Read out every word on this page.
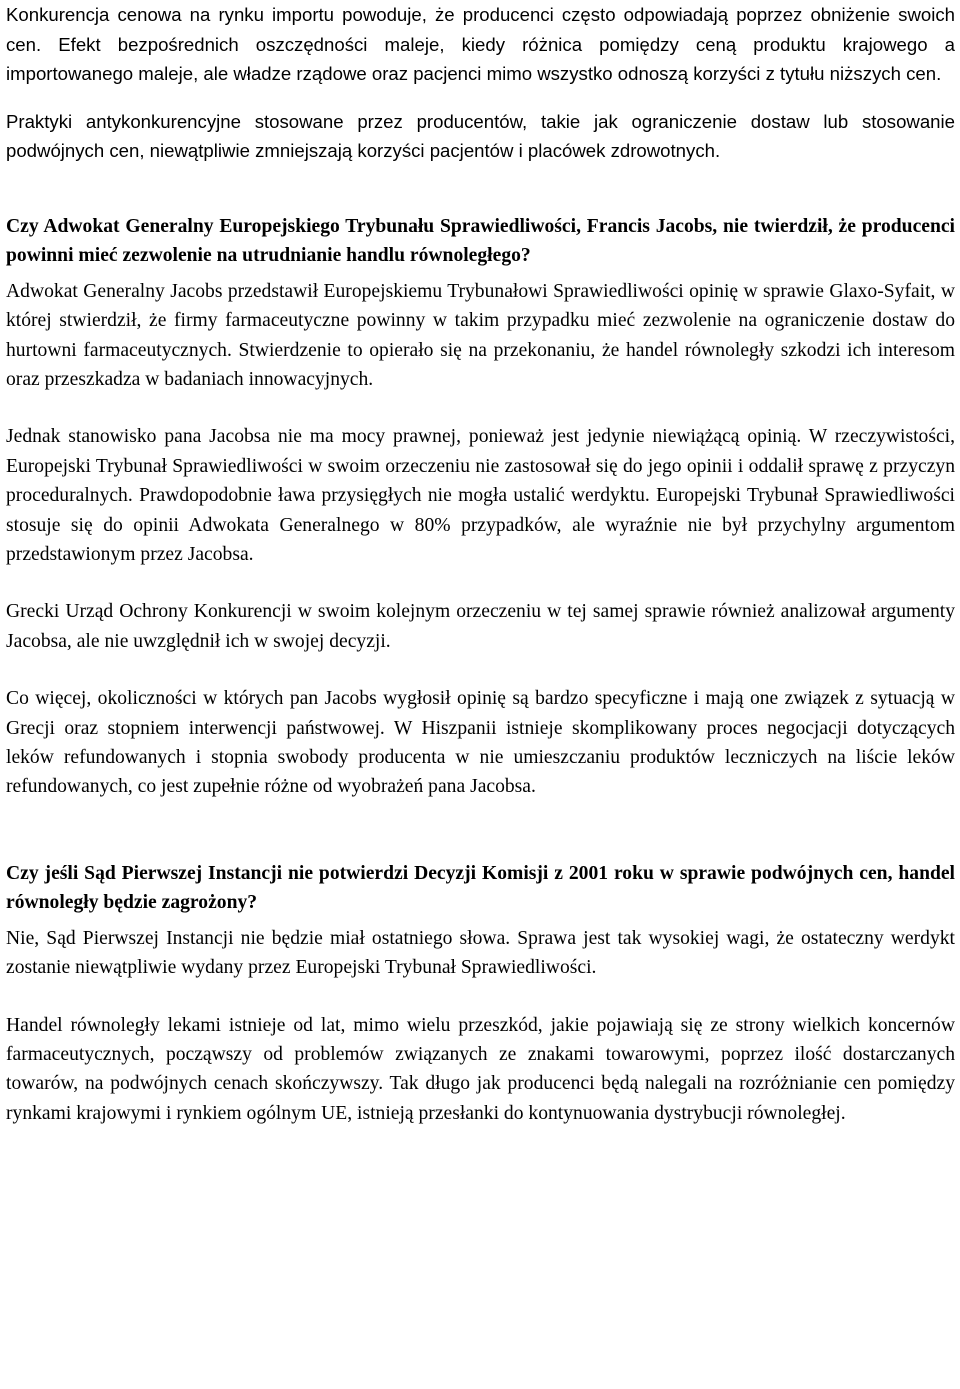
Konkurencja cenowa na rynku importu powoduje, że producenci często odpowiadają poprzez obniżenie swoich cen. Efekt bezpośrednich oszczędności maleje, kiedy różnica pomiędzy ceną produktu krajowego a importowanego maleje, ale władze rządowe oraz pacjenci mimo wszystko odnoszą korzyści z tytułu niższych cen.

Praktyki antykonkurencyjne stosowane przez producentów, takie jak ograniczenie dostaw lub stosowanie podwójnych cen, niewątpliwie zmniejszają korzyści pacjentów i placówek zdrowotnych.

Czy Adwokat Generalny Europejskiego Trybunału Sprawiedliwości, Francis Jacobs, nie twierdził, że producenci powinni mieć zezwolenie na utrudnianie handlu równoległego?

Adwokat Generalny Jacobs przedstawił Europejskiemu Trybunałowi Sprawiedliwości opinię w sprawie Glaxo-Syfait, w której stwierdził, że firmy farmaceutyczne powinny w takim przypadku mieć zezwolenie na ograniczenie dostaw do hurtowni farmaceutycznych. Stwierdzenie to opierało się na przekonaniu, że handel równoległy szkodzi ich interesom oraz przeszkadza w badaniach innowacyjnych.

Jednak stanowisko pana Jacobsa nie ma mocy prawnej, ponieważ jest jedynie niewiążącą opinią. W rzeczywistości, Europejski Trybunał Sprawiedliwości w swoim orzeczeniu nie zastosował się do jego opinii i oddalił sprawę z przyczyn proceduralnych. Prawdopodobnie ława przysięgłych nie mogła ustalić werdyktu. Europejski Trybunał Sprawiedliwości stosuje się do opinii Adwokata Generalnego w 80% przypadków, ale wyraźnie nie był przychylny argumentom przedstawionym przez Jacobsa.

Grecki Urząd Ochrony Konkurencji w swoim kolejnym orzeczeniu w tej samej sprawie również analizował argumenty Jacobsa, ale nie uwzględnił ich w swojej decyzji.

Co więcej, okoliczności w których pan Jacobs wygłosił opinię są bardzo specyficzne i mają one związek z sytuacją w Grecji oraz stopniem interwencji państwowej. W Hiszpanii istnieje skomplikowany proces negocjacji dotyczących leków refundowanych i stopnia swobody producenta w nie umieszczaniu produktów leczniczych na liście leków refundowanych, co jest zupełnie różne od wyobrażeń pana Jacobsa.

Czy jeśli Sąd Pierwszej Instancji nie potwierdzi Decyzji Komisji z 2001 roku w sprawie podwójnych cen, handel równoległy będzie zagrożony?

Nie, Sąd Pierwszej Instancji nie będzie miał ostatniego słowa. Sprawa jest tak wysokiej wagi, że ostateczny werdykt zostanie niewątpliwie wydany przez Europejski Trybunał Sprawiedliwości.

Handel równoległy lekami istnieje od lat, mimo wielu przeszkód, jakie pojawiają się ze strony wielkich koncernów farmaceutycznych, począwszy od problemów związanych ze znakami towarowymi, poprzez ilość dostarczanych towarów, na podwójnych cenach skończywszy. Tak długo jak producenci będą nalegali na rozróżnianie cen pomiędzy rynkami krajowymi i rynkiem ogólnym UE, istnieją przesłanki do kontynuowania dystrybucji równoległej.
